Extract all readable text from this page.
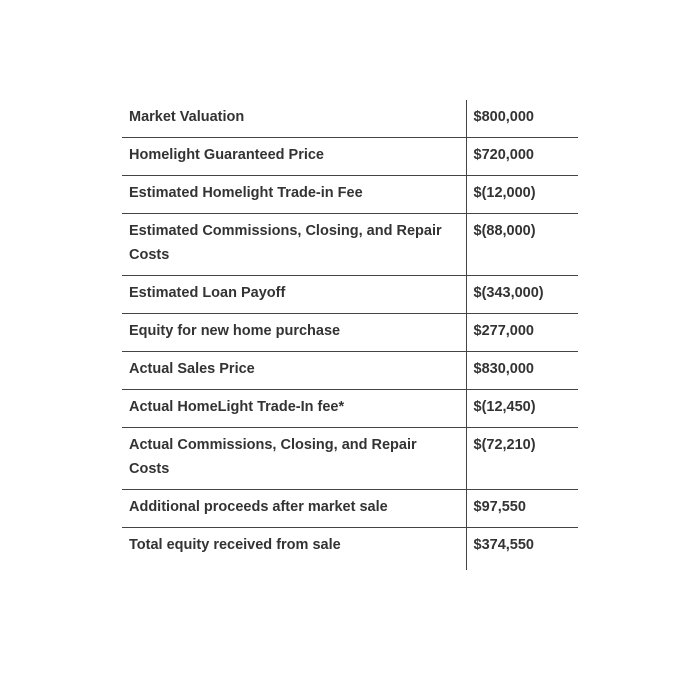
Market Valuation	$800,000
Homelight Guaranteed Price	$720,000
Estimated Homelight Trade-in Fee	$(12,000)
Estimated Commissions, Closing, and Repair Costs	$(88,000)
Estimated Loan Payoff	$(343,000)
Equity for new home purchase	$277,000
Actual Sales Price	$830,000
Actual HomeLight Trade-In fee*	$(12,450)
Actual Commissions, Closing, and Repair Costs	$(72,210)
Additional proceeds after market sale	$97,550
Total equity received from sale	$374,550
